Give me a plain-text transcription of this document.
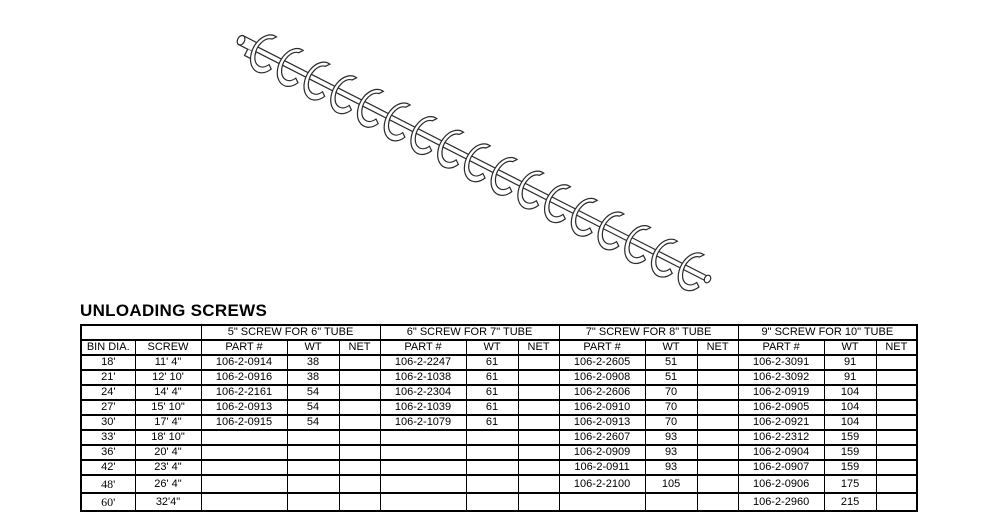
UNLOADING SCREWS
		5" SCREW FOR 6" TUBE			6" SCREW FOR 7" TUBE			7" SCREW FOR 8" TUBE			9" SCREW FOR 10" TUBE		
BIN DIA.	SCREW	PART #	WT	NET	PART #	WT	NET	PART #	WT	NET	PART #	WT	NET
18'	11' 4"	106-2-0914	38		106-2-2247	61		106-2-2605	51		106-2-3091	91	
21'	12' 10'	106-2-0916	38		106-2-1038	61		106-2-0908	51		106-2-3092	91	
24'	14' 4"	106-2-2161	54		106-2-2304	61		106-2-2606	70		106-2-0919	104	
27'	15' 10"	106-2-0913	54		106-2-1039	61		106-2-0910	70		106-2-0905	104	
30'	17' 4"	106-2-0915	54		106-2-1079	61		106-2-0913	70		106-2-0921	104	
33'	18' 10"							106-2-2607	93		106-2-2312	159	
36'	20' 4"							106-2-0909	93		106-2-0904	159	
42'	23' 4"							106-2-0911	93		106-2-0907	159	
48'	26' 4"							106-2-2100	105		106-2-0906	175	
60'	32'4"										106-2-2960	215	
